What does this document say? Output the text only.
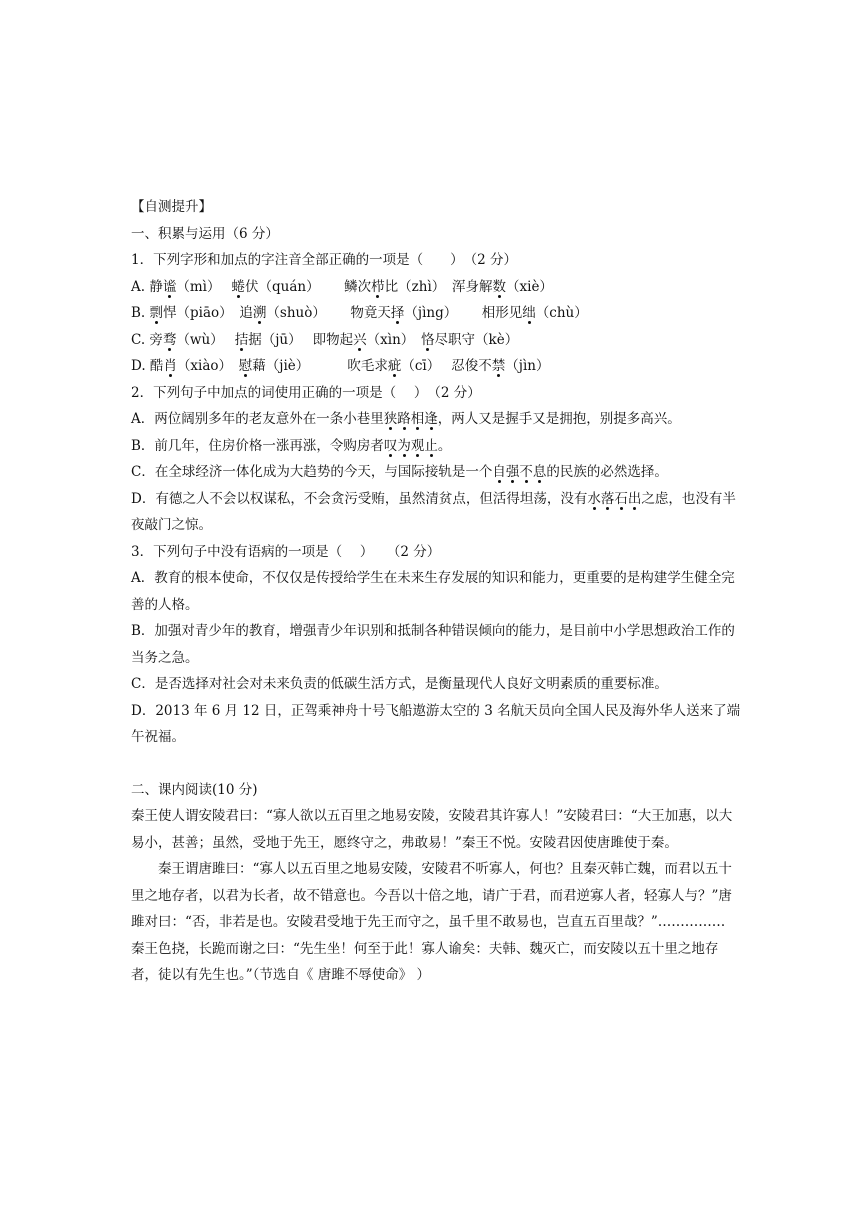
【自测提升】
一、积累与运用（6 分）
1．下列字形和加点的字注音全部正确的一项是（　　）　（2 分）
A. 静谧（mì）　 蜷伏（quán）　　 鳞次栉比（zhì）　浑身解数（xiè）
B. 剽悍（piāo）　追溯（shuò）　　 物竟天择（jìng）　　 相形见绌（chù）
C. 旁骛（wù）　 拮据（jū）　 即物起兴（xìn）　恪尽职守（kè）
D. 酷肖（xiào）　慰藉（jiè）　　　 吹毛求疵（cī）　 忍俊不禁（jìn）
2．下列句子中加点的词使用正确的一项是（　 ）　（2 分）
A．两位阔别多年的老友意外在一条小巷里狭路相逢，两人又是握手又是拥抱，别提多高兴。
B．前几年，住房价格一涨再涨，令购房者叹为观止。
C．在全球经济一体化成为大趋势的今天，与国际接轨是一个自强不息的民族的必然选择。
D．有德之人不会以权谋私，不会贪污受贿，虽然清贫点，但活得坦荡，没有水落石出之虑，也没有半夜敲门之惊。
3．下列句子中没有语病的一项是（　 ）　　（2 分）
A．教育的根本使命，不仅仅是传授给学生在未来生存发展的知识和能力，更重要的是构建学生健全完善的人格。
B．加强对青少年的教育，增强青少年识别和抵制各种错误倾向的能力，是目前中小学思想政治工作的当务之急。
C．是否选择对社会对未来负责的低碳生活方式，是衡量现代人良好文明素质的重要标准。
D．2013 年 6 月 12 日，正驾乘神舟十号飞船遨游太空的 3 名航天员向全国人民及海外华人送来了端午祝福。
二、课内阅读(10 分)
秦王使人谓安陵君曰：“寡人欲以五百里之地易安陵，安陵君其许寡人！”安陵君曰：“大王加惠，以大易小，甚善；虽然，受地于先王，愿终守之，弗敢易！”秦王不悦。安陵君因使唐雎使于秦。
秦王谓唐雎曰：“寡人以五百里之地易安陵，安陵君不听寡人，何也？且秦灭韩亡魏，而君以五十里之地存者，以君为长者，故不错意也。今吾以十倍之地，请广于君，而君逆寡人者，轻寡人与？”唐雎对曰：“否，非若是也。安陵君受地于先王而守之，虽千里不敢易也，岂直五百里哉？”……………
秦王色挠，长跪而谢之曰：“先生坐！何至于此！寡人谕矣：夫韩、魏灭亡，而安陵以五十里之地存者，徒以有先生也。”（节选自《 唐雎不辱使命》 ）
